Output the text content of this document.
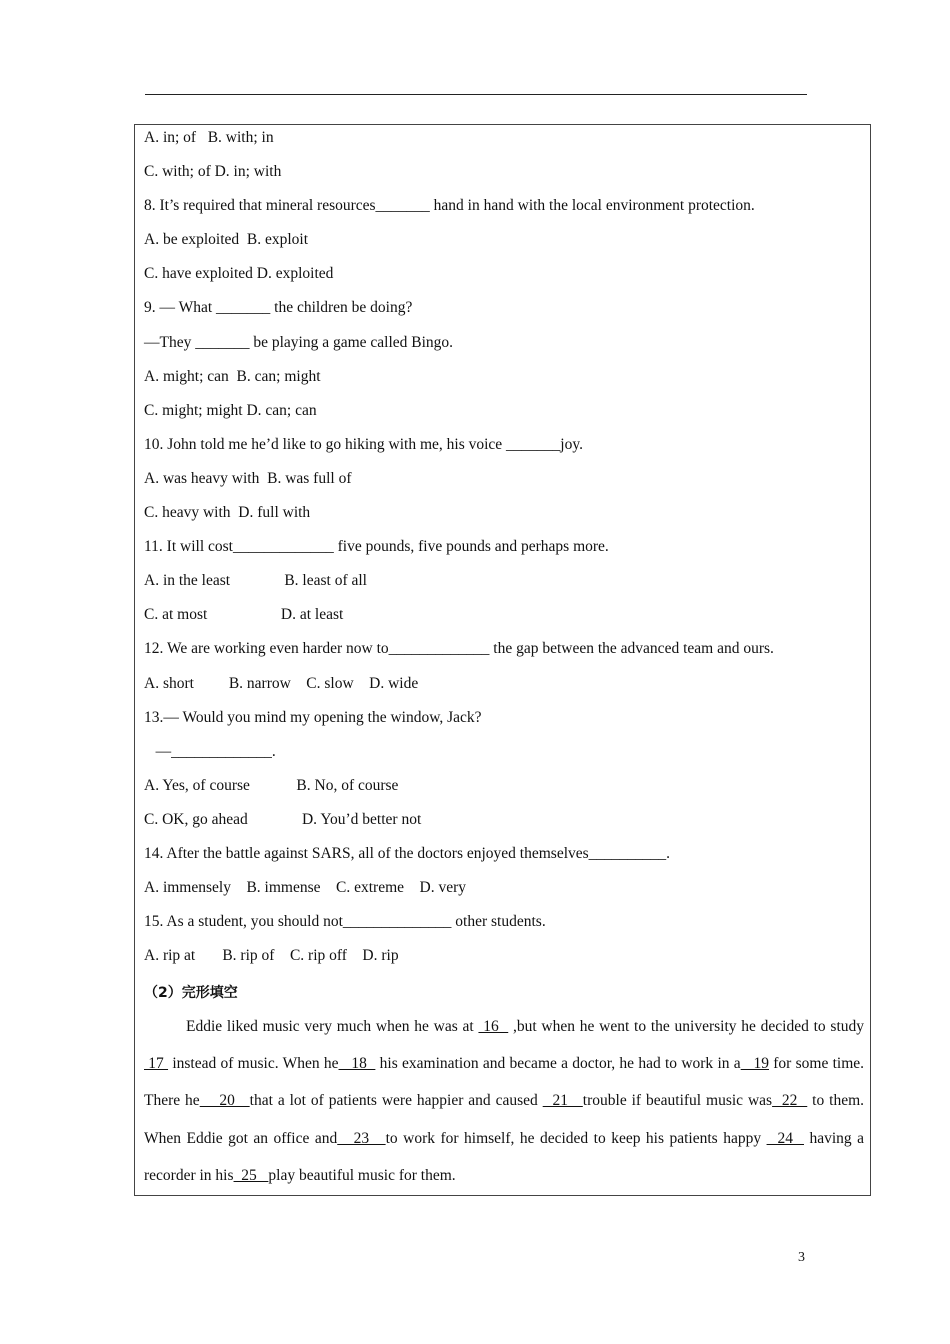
A. in; of   B. with; in
C. with; of D. in; with
8. It’s required that mineral resources_______ hand in hand with the local environment protection.
A. be exploited  B. exploit
C. have exploited D. exploited
9. — What _______ the children be doing?
—They _______ be playing a game called Bingo.
A. might; can  B. can; might
C. might; might D. can; can
10. John told me he’d like to go hiking with me, his voice _______joy.
A. was heavy with  B. was full of
C. heavy with  D. full with
11. It will cost_____________ five pounds, five pounds and perhaps more.
A. in the least              B. least of all
C. at most                   D. at least
12. We are working even harder now to_____________ the gap between the advanced team and ours.
A. short         B. narrow    C. slow    D. wide
13.— Would you mind my opening the window, Jack?
—_____________.
A. Yes, of course            B. No, of course
C. OK, go ahead              D. You’d better not
14. After the battle against SARS, all of the doctors enjoyed themselves__________.
A. immensely    B. immense    C. extreme    D. very
15. As a student, you should not______________ other students.
A. rip at       B. rip of    C. rip off    D. rip
（2）完形填空
Eddie liked music very much when he was at  16   ,but when he went to the university he decided to study  17  instead of music. When he   18   his examination and became a doctor, he had to work in a   19 for some time. There he    20   that a lot of patients were happier and caused   21   trouble if beautiful music was  22   to them. When Eddie got an office and   23   to work for himself, he decided to keep his patients happy   24   having a recorder in his  25   play beautiful music for them.
3
